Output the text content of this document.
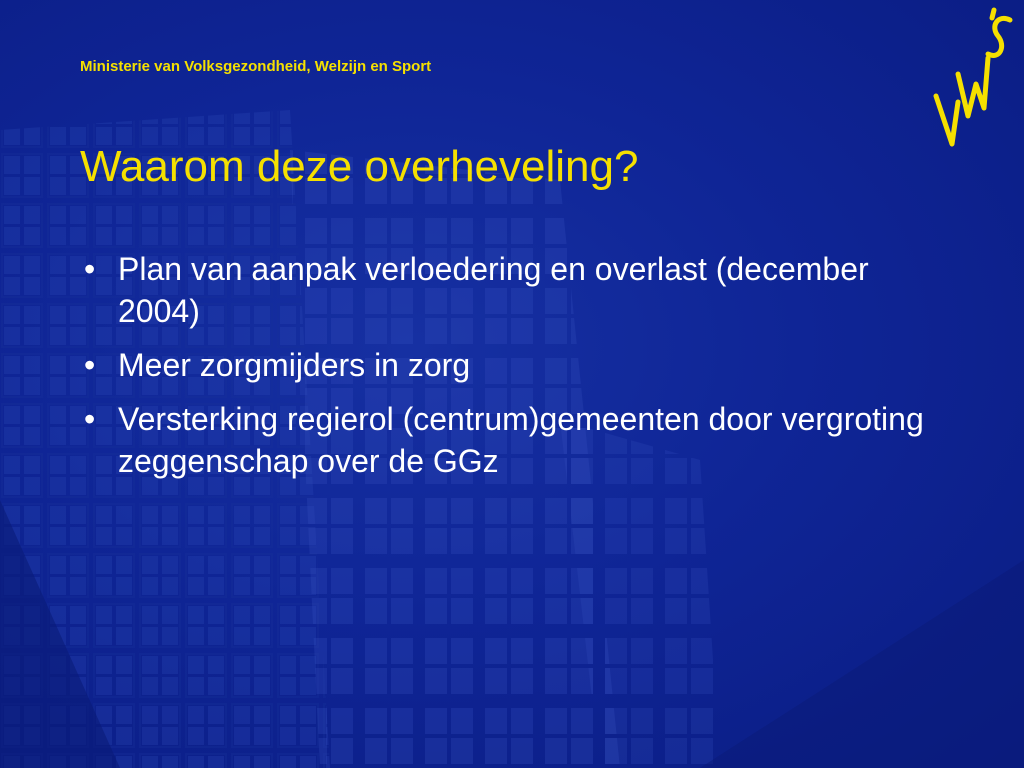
Ministerie van Volksgezondheid, Welzijn en Sport
Waarom deze overheveling?
• Plan van aanpak verloedering en overlast (december 2004)
• Meer zorgmijders in zorg
• Versterking regierol (centrum)gemeenten door vergroting zeggenschap over de GGz
